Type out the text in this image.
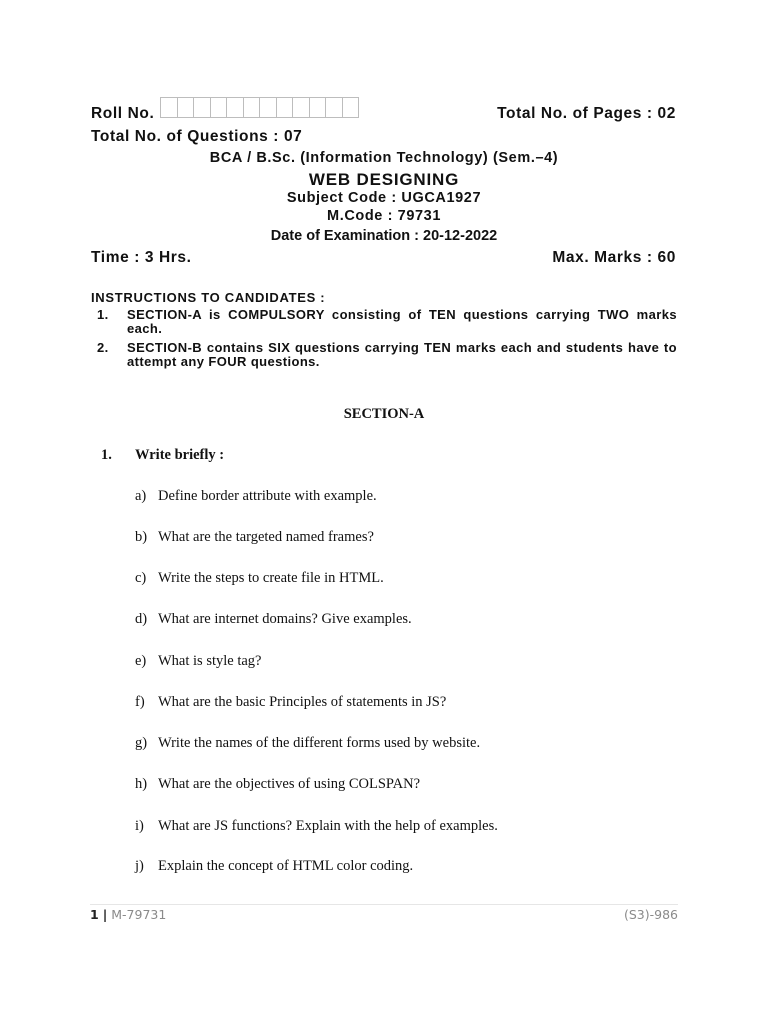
Roll No.	Total No. of Pages : 02
Total No. of Questions : 07
BCA / B.Sc. (Information Technology) (Sem.–4)
WEB DESIGNING
Subject Code : UGCA1927
M.Code : 79731
Date of Examination : 20-12-2022
Time : 3 Hrs.	Max. Marks : 60
INSTRUCTIONS TO CANDIDATES :
1. SECTION-A is COMPULSORY consisting of TEN questions carrying TWO marks each.
2. SECTION-B contains SIX questions carrying TEN marks each and students have to attempt any FOUR questions.
SECTION-A
1. Write briefly :
a) Define border attribute with example.
b) What are the targeted named frames?
c) Write the steps to create file in HTML.
d) What are internet domains? Give examples.
e) What is style tag?
f) What are the basic Principles of statements in JS?
g) Write the names of the different forms used by website.
h) What are the objectives of using COLSPAN?
i) What are JS functions? Explain with the help of examples.
j) Explain the concept of HTML color coding.
1 | M-79731	(S3)-986
